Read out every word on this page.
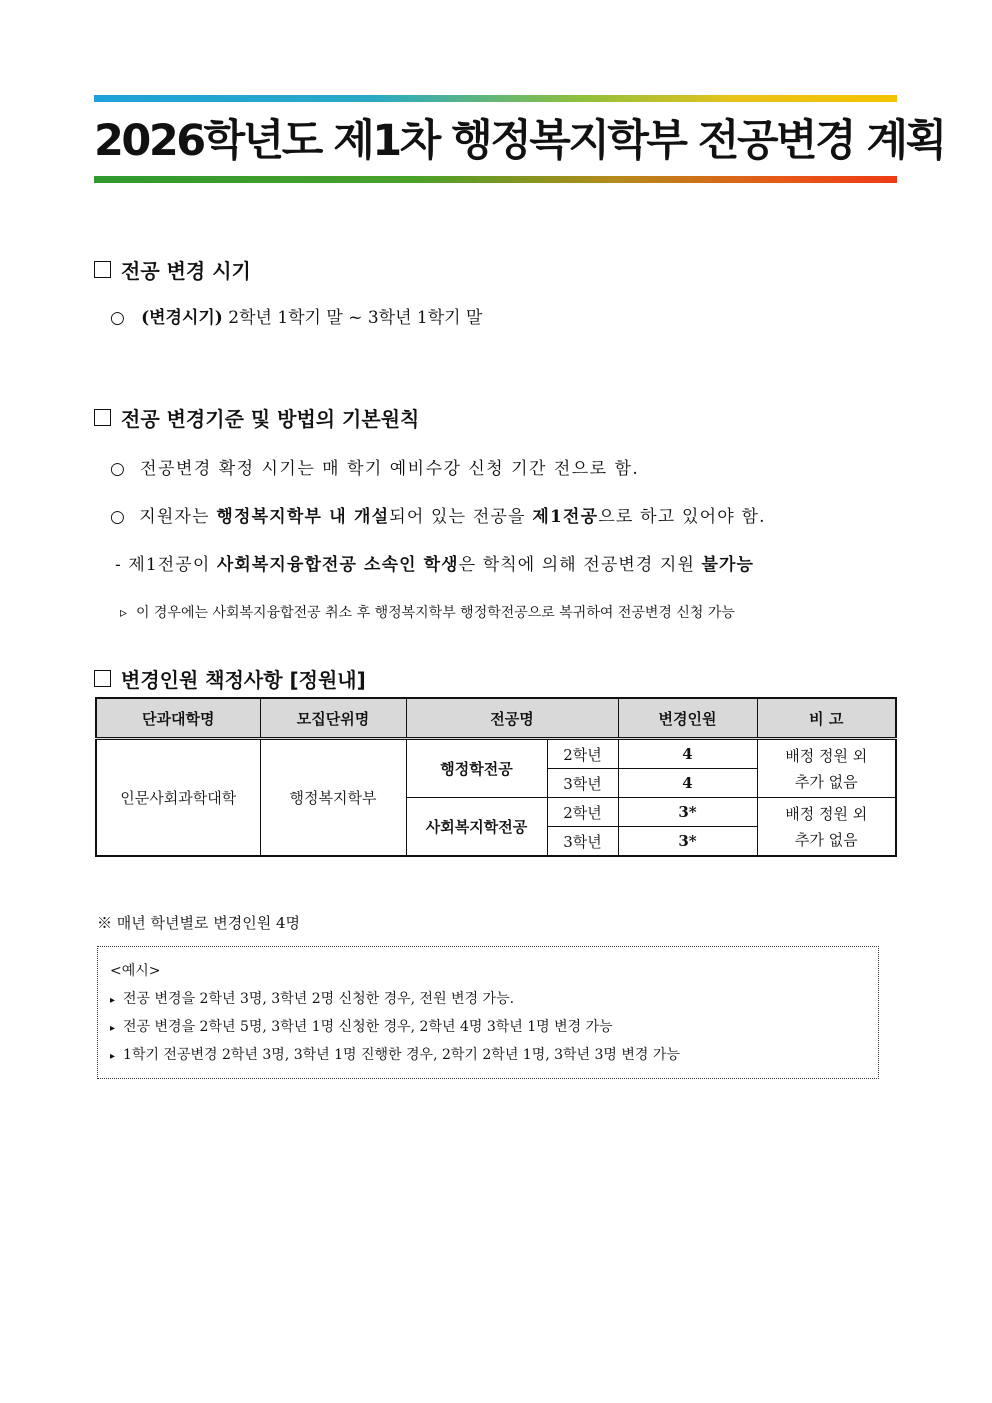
2026학년도 제1차 행정복지학부 전공변경 계획
전공 변경 시기
○ (변경시기) 2학년 1학기 말 ~ 3학년 1학기 말
전공 변경기준 및 방법의 기본원칙
○ 전공변경 확정 시기는 매 학기 예비수강 신청 기간 전으로 함.
○ 지원자는 행정복지학부 내 개설되어 있는 전공을 제1전공으로 하고 있어야 함.
- 제1전공이 사회복지융합전공 소속인 학생은 학칙에 의해 전공변경 지원 불가능
▹ 이 경우에는 사회복지융합전공 취소 후 행정복지학부 행정학전공으로 복귀하여 전공변경 신청 가능
변경인원 책정사항 [정원내]
단과대학명	모집단위명	전공명		변경인원	비 고
인문사회과학대학	행정복지학부	행정학전공	2학년	4	배정 정원 외 추가 없음
			3학년	4	
		사회복지학전공	2학년	3*	배정 정원 외 추가 없음
			3학년	3*	
※ 매년 학년별로 변경인원 4명
<예시>
▸ 전공 변경을 2학년 3명, 3학년 2명 신청한 경우, 전원 변경 가능.
▸ 전공 변경을 2학년 5명, 3학년 1명 신청한 경우, 2학년 4명 3학년 1명 변경 가능
▸ 1학기 전공변경 2학년 3명, 3학년 1명 진행한 경우, 2학기 2학년 1명, 3학년 3명 변경 가능
